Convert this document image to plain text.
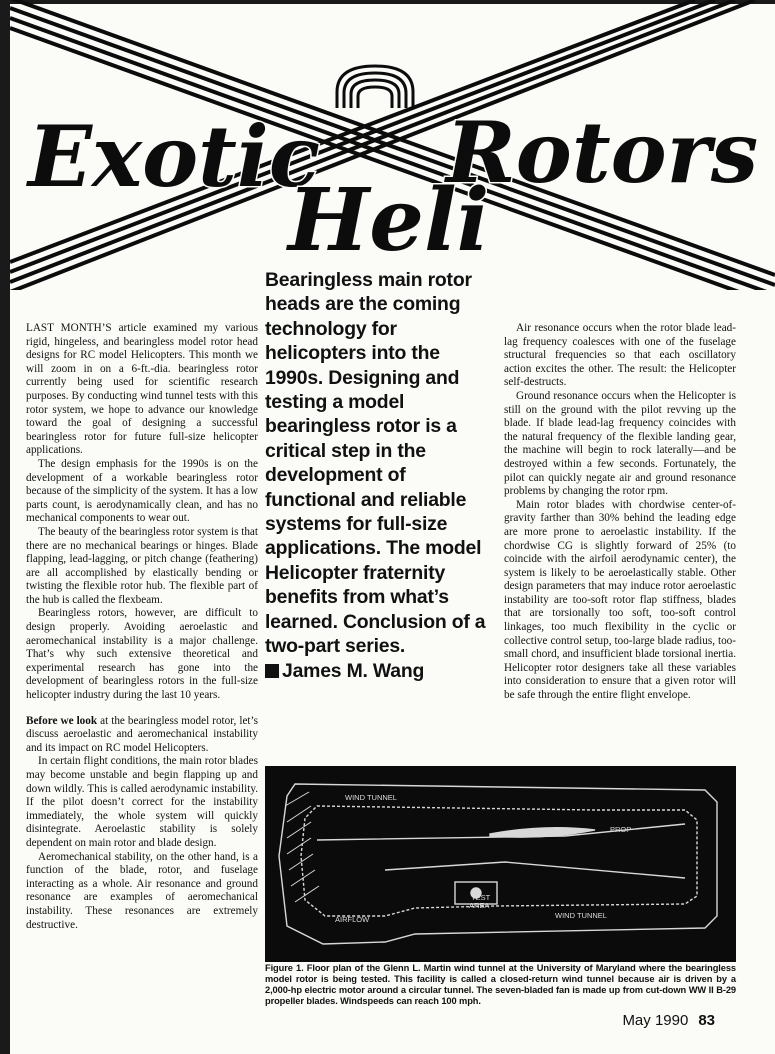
Exotic Rotors
Heli
Bearingless main rotor heads are the coming technology for helicopters into the 1990s. Designing and testing a model bearingless rotor is a critical step in the development of functional and reliable systems for full-size applications. The model Helicopter fraternity benefits from what’s learned. Conclusion of a two-part series.
James M. Wang

LAST MONTH’S article examined my various rigid, hingeless, and bearingless model rotor head designs for RC model Helicopters. This month we will zoom in on a 6-ft.-dia. bearingless rotor currently being used for scientific research purposes. By conducting wind tunnel tests with this rotor system, we hope to advance our knowledge toward the goal of designing a successful bearingless rotor for future full-size helicopter applications.

The design emphasis for the 1990s is on the development of a workable bearingless rotor because of the simplicity of the system. It has a low parts count, is aerodynamically clean, and has no mechanical components to wear out.

The beauty of the bearingless rotor system is that there are no mechanical bearings or hinges. Blade flapping, lead-lagging, or pitch change (feathering) are all accomplished by elastically bending or twisting the flexible rotor hub. The flexible part of the hub is called the flexbeam.

Bearingless rotors, however, are difficult to design properly. Avoiding aeroelastic and aeromechanical instability is a major challenge. That’s why such extensive theoretical and experimental research has gone into the development of bearingless rotors in the full-size helicopter industry during the last 10 years.

Before we look at the bearingless model rotor, let’s discuss aeroelastic and aeromechanical instability and its impact on RC model Helicopters.

In certain flight conditions, the main rotor blades may become unstable and begin flapping up and down wildly. This is called aerodynamic instability. If the pilot doesn’t correct for the instability immediately, the whole system will quickly disintegrate. Aeroelastic stability is solely dependent on main rotor and blade design.

Aeromechanical stability, on the other hand, is a function of the blade, rotor, and fuselage interacting as a whole. Air resonance and ground resonance are examples of aeromechanical instability. These resonances are extremely destructive.

Air resonance occurs when the rotor blade lead-lag frequency coalesces with one of the fuselage structural frequencies so that each oscillatory action excites the other. The result: the Helicopter self-destructs.

Ground resonance occurs when the Helicopter is still on the ground with the pilot revving up the blade. If blade lead-lag frequency coincides with the natural frequency of the flexible landing gear, the machine will begin to rock laterally—and be destroyed within a few seconds. Fortunately, the pilot can quickly negate air and ground resonance problems by changing the rotor rpm.

Main rotor blades with chordwise center-of-gravity farther than 30% behind the leading edge are more prone to aeroelastic instability. If the chordwise CG is slightly forward of 25% (to coincide with the airfoil aerodynamic center), the system is likely to be aeroelastically stable. Other design parameters that may induce rotor aeroelastic instability are too-soft rotor flap stiffness, blades that are torsionally too soft, too-soft control linkages, too much flexibility in the cyclic or collective control setup, too-large blade radius, too-small chord, and insufficient blade torsional inertia. Helicopter rotor designers take all these variables into consideration to ensure that a given rotor will be safe through the entire flight envelope.

WIND TUNNEL
PROP
AIRFLOW
TEST
AREA
WIND TUNNEL
Figure 1. Floor plan of the Glenn L. Martin wind tunnel at the University of Maryland where the bearingless model rotor is being tested. This facility is called a closed-return wind tunnel because air is driven by a 2,000-hp electric motor around a circular tunnel. The seven-bladed fan is made up from cut-down WW II B-29 propeller blades. Windspeeds can reach 100 mph.
May 1990 83
